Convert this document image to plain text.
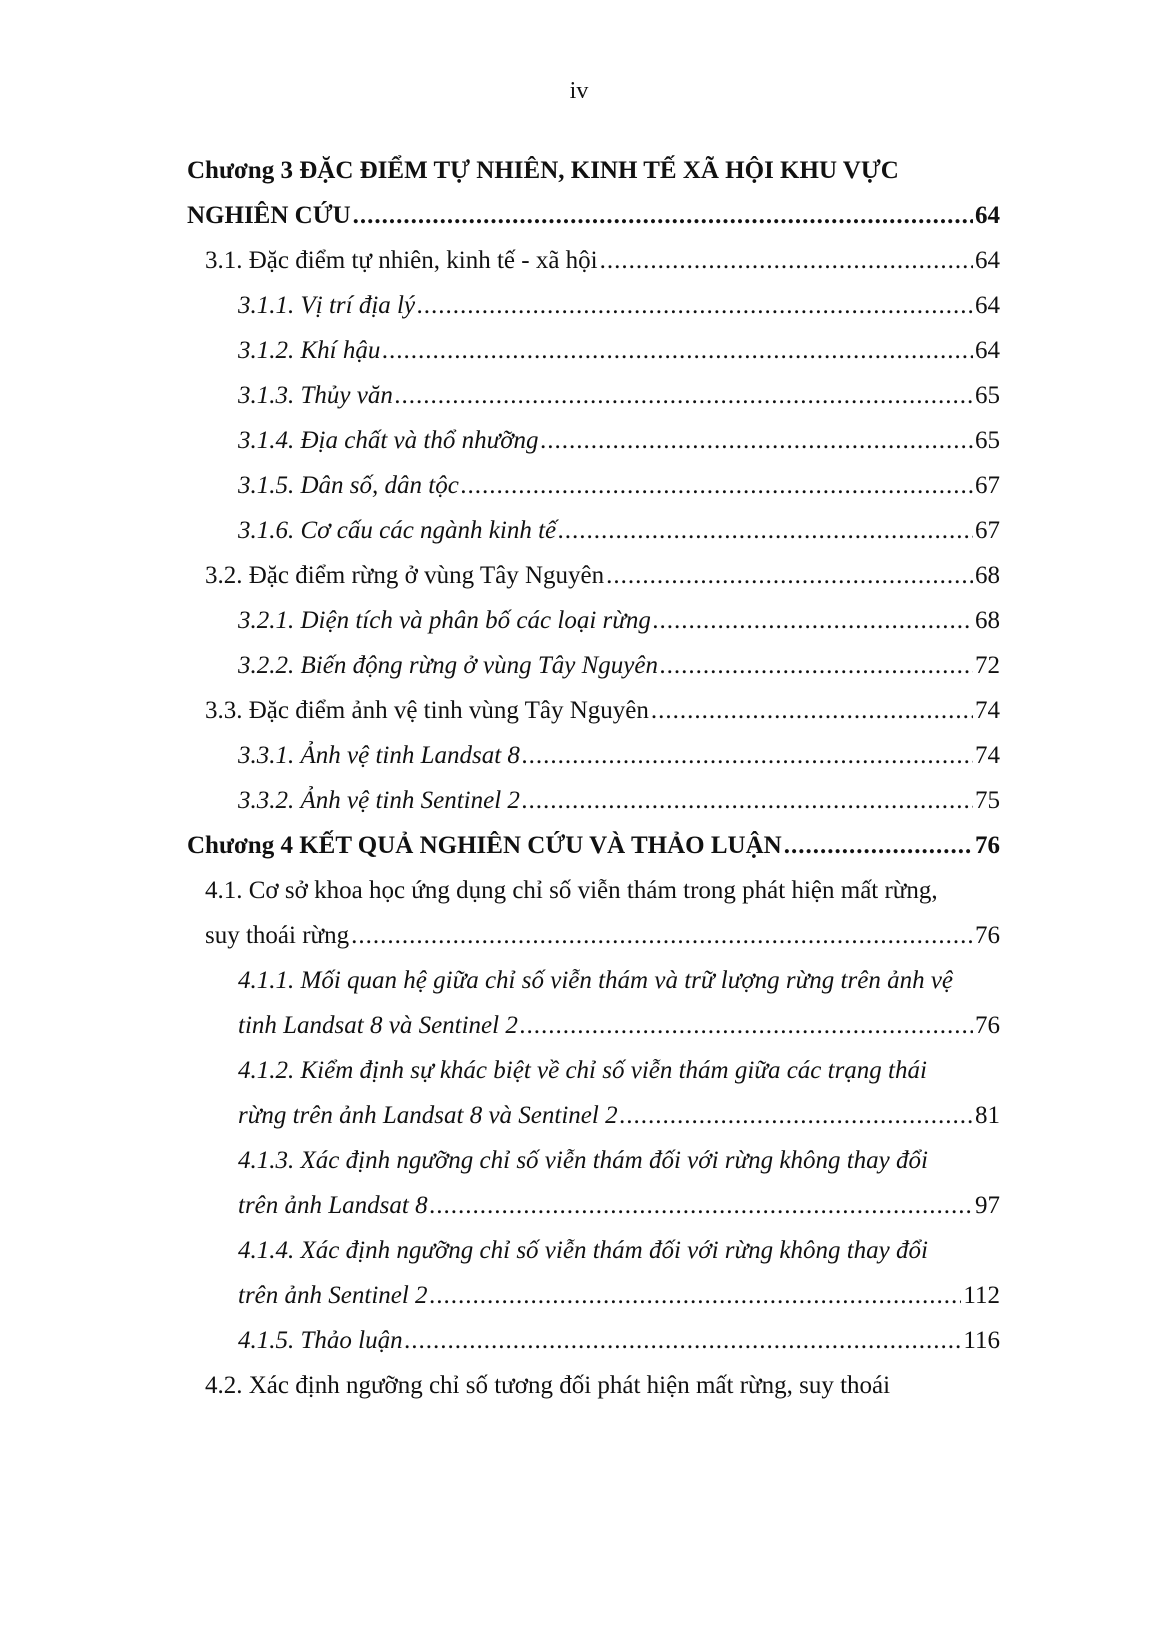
iv
Chương 3 ĐẶC ĐIỂM TỰ NHIÊN, KINH TẾ XÃ HỘI KHU VỰC
NGHIÊN CỨU .....	64
3.1. Đặc điểm tự nhiên, kinh tế - xã hội .....	64
3.1.1. Vị trí địa lý .....	64
3.1.2. Khí hậu .....	64
3.1.3. Thủy văn .....	65
3.1.4. Địa chất và thổ nhưỡng .....	65
3.1.5. Dân số, dân tộc .....	67
3.1.6. Cơ cấu các ngành kinh tế .....	67
3.2. Đặc điểm rừng ở vùng Tây Nguyên .....	68
3.2.1. Diện tích và phân bố các loại rừng .....	68
3.2.2. Biến động rừng ở vùng Tây Nguyên .....	72
3.3. Đặc điểm ảnh vệ tinh vùng Tây Nguyên .....	74
3.3.1. Ảnh vệ tinh Landsat 8 .....	74
3.3.2. Ảnh vệ tinh Sentinel 2 .....	75
Chương 4 KẾT QUẢ NGHIÊN CỨU VÀ THẢO LUẬN .....	76
4.1. Cơ sở khoa học ứng dụng chỉ số viễn thám trong phát hiện mất rừng,
suy thoái rừng .....	76
4.1.1. Mối quan hệ giữa chỉ số viễn thám và trữ lượng rừng trên ảnh vệ
tinh Landsat 8 và Sentinel 2 .....	76
4.1.2. Kiểm định sự khác biệt về chỉ số viễn thám giữa các trạng thái
rừng trên ảnh Landsat 8 và Sentinel 2 .....	81
4.1.3. Xác định ngưỡng chỉ số viễn thám đối với rừng không thay đổi
trên ảnh Landsat 8 .....	97
4.1.4. Xác định ngưỡng chỉ số viễn thám đối với rừng không thay đổi
trên ảnh Sentinel 2 .....	112
4.1.5. Thảo luận .....	116
4.2. Xác định ngưỡng chỉ số tương đối phát hiện mất rừng, suy thoái
